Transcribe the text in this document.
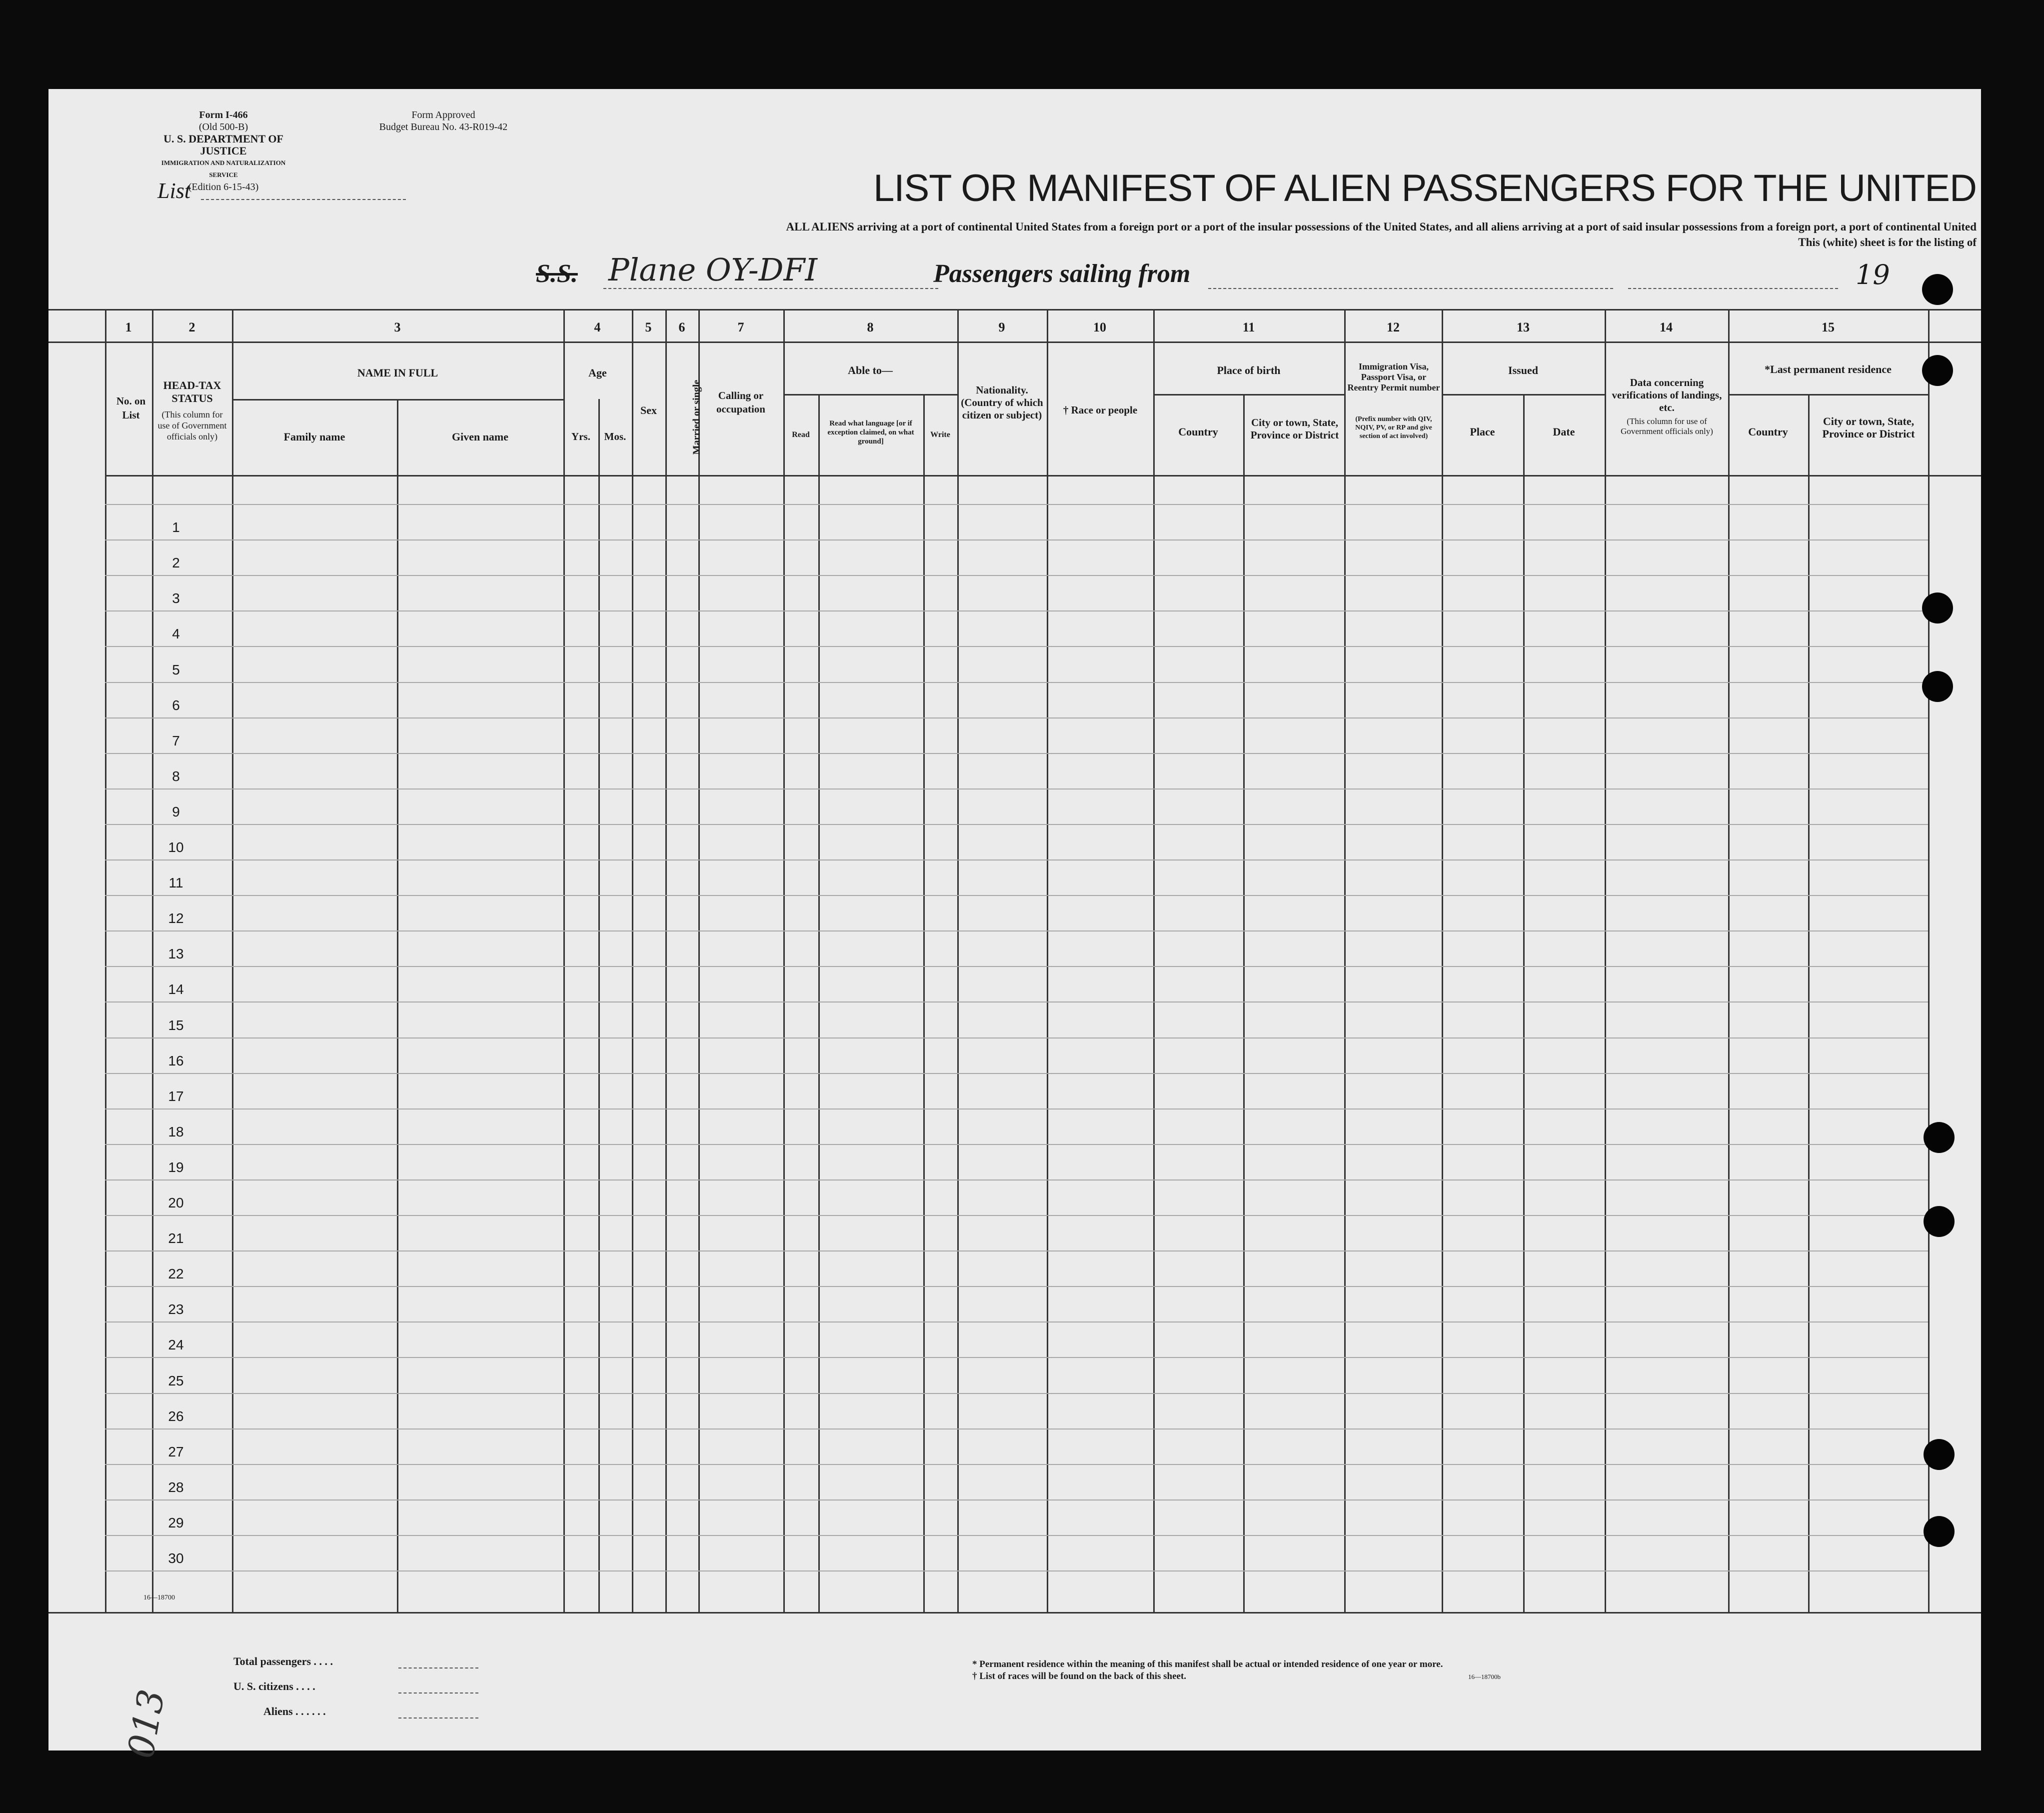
Form I-466
(Old 500-B)
U. S. DEPARTMENT OF JUSTICE
IMMIGRATION AND NATURALIZATION SERVICE
(Edition 6-15-43)
Form Approved
Budget Bureau No. 43-R019-42
List	LIST OR MANIFEST OF ALIEN PASSENGERS FOR THE UNITED
ALL ALIENS arriving at a port of continental United States from a foreign port or a port of the insular possessions of the United States, and all aliens arriving at a port of said insular possessions from a foreign port, a port of continental United
This (white) sheet is for the listing of
S.S. Plane OY-DFI	Passengers sailing from	19
1	2	3	4	5	6	7	8	9	10	11	12	13	14	15
No. on List
HEAD-TAX STATUS
(This column for use of Government officials only)
NAME IN FULL
Family name	Given name
Age
Yrs.	Mos.
Sex	Married or single	Calling or occupation
Able to—
Read
Read what language [or if exception claimed, on what ground]
Write
Nationality. (Country of which citizen or subject)	† Race or people
Place of birth
Country
City or town, State, Province or District
Immigration Visa, Passport Visa, or Reentry Permit number
(Prefix number with QIV, NQIV, PV, or RP and give section of act involved)
Issued
Place	Date
Data concerning verifications of landings, etc.
(This column for use of Government officials only)
*Last permanent residence
Country
City or town, State, Province or District
1
2
3
4
5
6
7
8
9
10
11
12
13
14
15
16
17
18
19
20
21
22
23
24
25
26
27
28
29
30
16—18700
013
Total passengers . . . .
U. S. citizens . . . .
Aliens . . . . . .
* Permanent residence within the meaning of this manifest shall be actual or intended residence of one year or more.
† List of races will be found on the back of this sheet.	16—18700b
